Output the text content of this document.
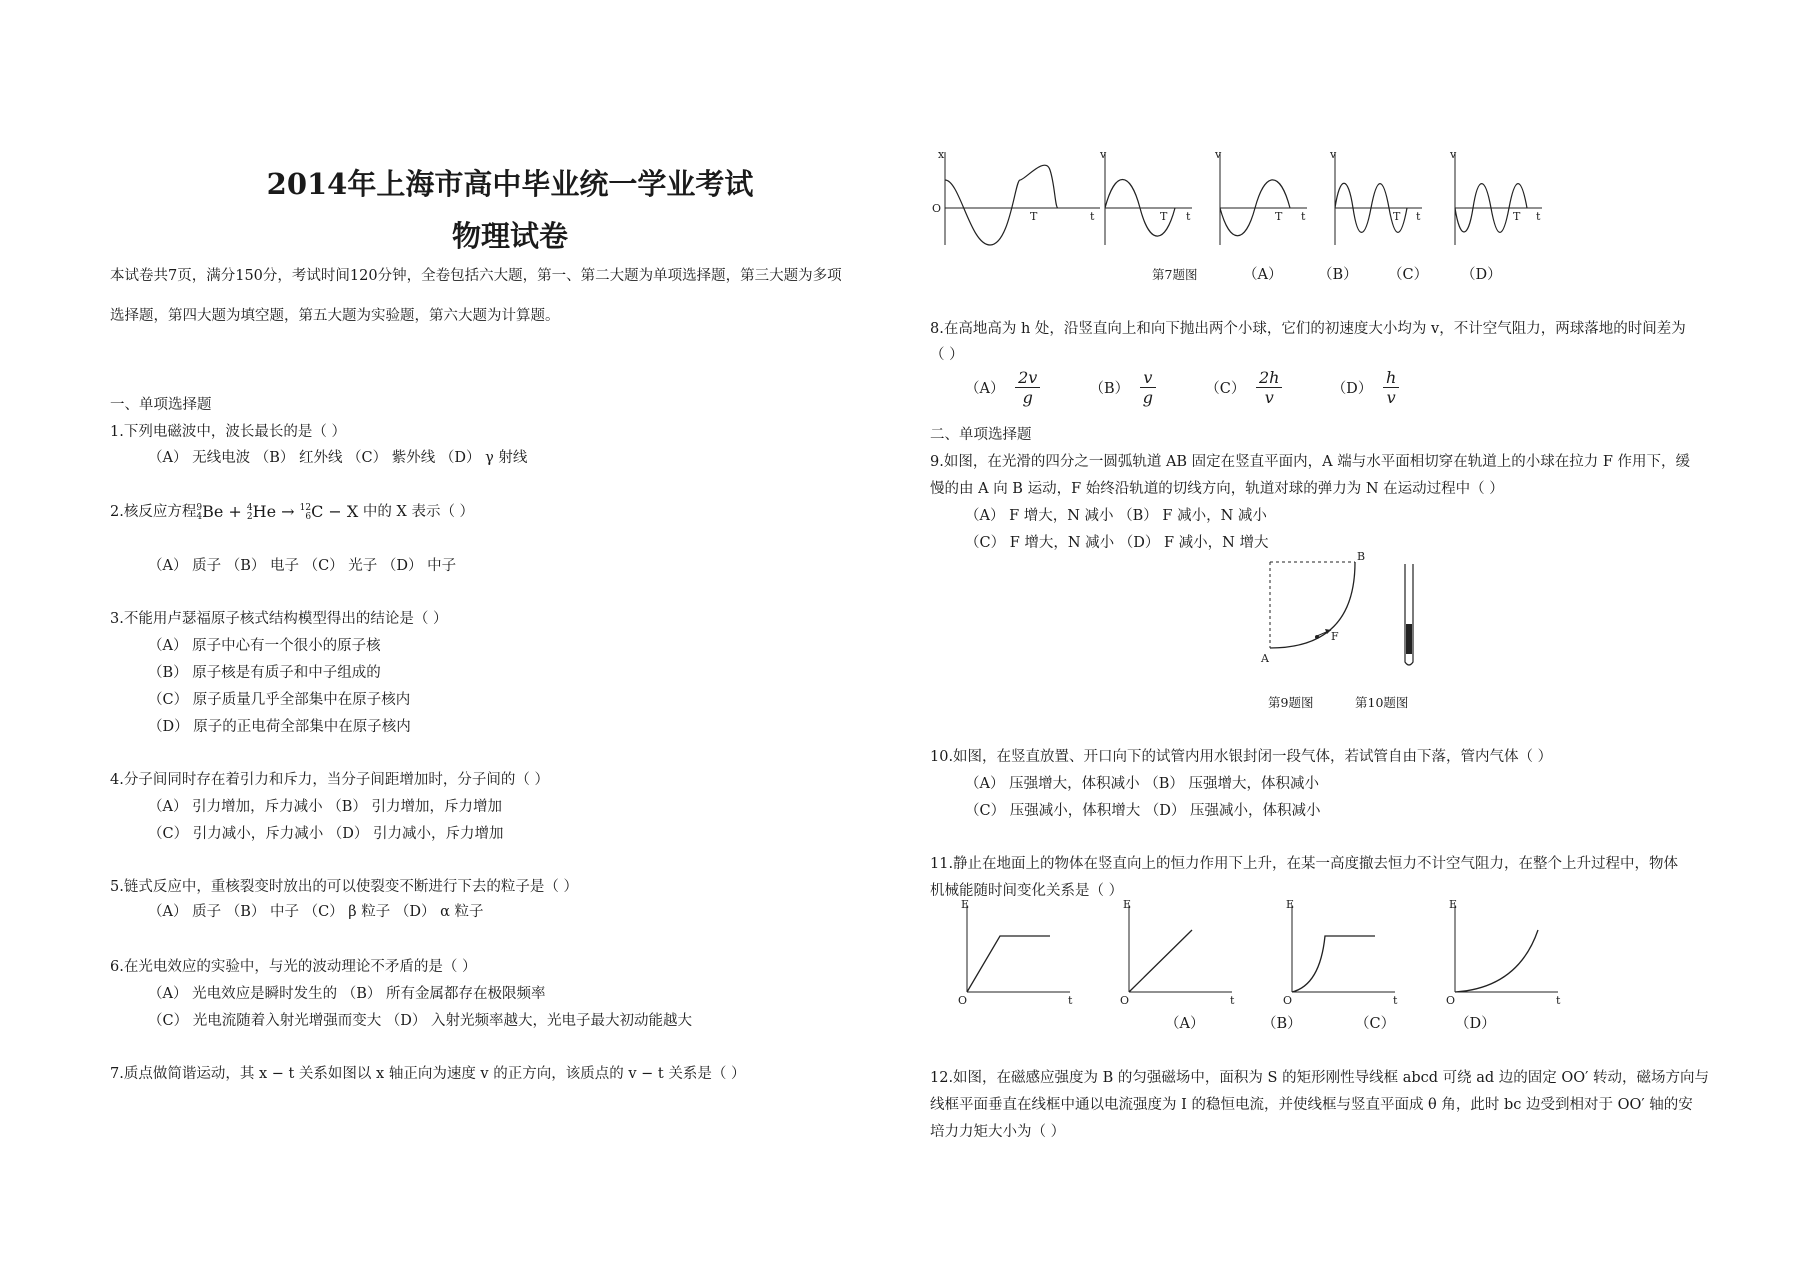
2014年上海市高中毕业统一学业考试
物理试卷
本试卷共7页，满分150分，考试时间120分钟，全卷包括六大题，第一、第二大题为单项选择题，第三大题为多项
选择题，第四大题为填空题，第五大题为实验题，第六大题为计算题。
一、单项选择题
1.下列电磁波中，波长最长的是（ ）
（A） 无线电波 （B） 红外线 （C） 紫外线 （D） γ 射线
2.核反应方程 9
4 Be + 4
2 He → 12
6 C − X 中的 X 表示（ ）
（A） 质子 （B） 电子 （C） 光子 （D） 中子
3.不能用卢瑟福原子核式结构模型得出的结论是（ ）
（A） 原子中心有一个很小的原子核
（B） 原子核是有质子和中子组成的
（C） 原子质量几乎全部集中在原子核内
（D） 原子的正电荷全部集中在原子核内
4.分子间同时存在着引力和斥力，当分子间距增加时，分子间的（ ）
（A） 引力增加，斥力减小 （B） 引力增加，斥力增加
（C） 引力减小，斥力减小 （D） 引力减小，斥力增加
5.链式反应中，重核裂变时放出的可以使裂变不断进行下去的粒子是（ ）
（A） 质子 （B） 中子 （C） β 粒子 （D） α 粒子
6.在光电效应的实验中，与光的波动理论不矛盾的是（ ）
（A） 光电效应是瞬时发生的 （B） 所有金属都存在极限频率
（C） 光电流随着入射光增强而变大 （D） 入射光频率越大，光电子最大初动能越大
7.质点做简谐运动，其 x − t 关系如图以 x 轴正向为速度 v 的正方向，该质点的 v − t 关系是（ ）
x
O
T	t
v
T t
v
T t
v
T t
v
T t
第7题图	（A） （B） （C） （D）
8.在高地高为 h 处，沿竖直向上和向下抛出两个小球，它们的初速度大小均为 v，不计空气阻力，两球落地的时间差为
（ ）
$(A) \frac{2v}{g}$	$(B) \frac{v}{g}$	$(C) \frac{2h}{v}$	$(D) \frac{h}{v}$
二、单项选择题
9.如图，在光滑的四分之一圆弧轨道 AB 固定在竖直平面内，A 端与水平面相切穿在轨道上的小球在拉力 F 作用下，缓
慢的由 A 向 B 运动，F 始终沿轨道的切线方向，轨道对球的弹力为 N 在运动过程中（ ）
（A） F 增大，N 减小 （B） F 减小，N 减小
（C） F 增大，N 减小 （D） F 减小，N 增大
A
B
F
第9题图	第10题图
10.如图，在竖直放置、开口向下的试管内用水银封闭一段气体，若试管自由下落，管内气体（ ）
（A） 压强增大，体积减小 （B） 压强增大，体积减小
（C） 压强减小，体积增大 （D） 压强减小，体积减小
11.静止在地面上的物体在竖直向上的恒力作用下上升，在某一高度撤去恒力不计空气阻力，在整个上升过程中，物体
机械能随时间变化关系是（ ）
E
O	t
E
O	t
E
O	t
E
O	t
（A）	（B）	（C）	（D）
12.如图，在磁感应强度为 B 的匀强磁场中，面积为 S 的矩形刚性导线框 abcd 可绕 ad 边的固定 OO′ 转动，磁场方向与
线框平面垂直在线框中通以电流强度为 I 的稳恒电流，并使线框与竖直平面成 θ 角，此时 bc 边受到相对于 OO′ 轴的安
培力力矩大小为（ ）
